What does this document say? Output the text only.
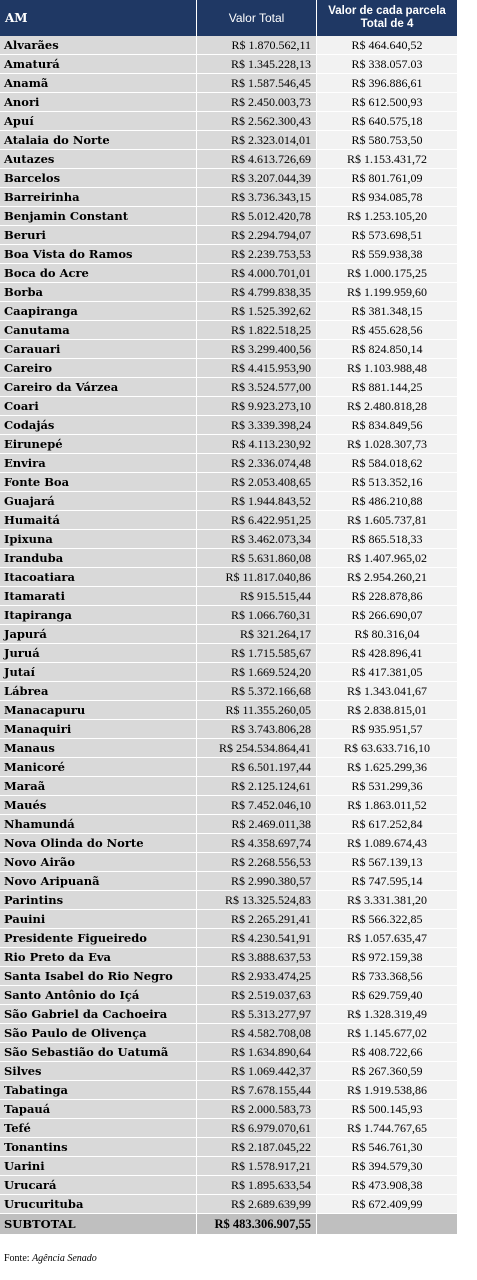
AM	Valor Total	Valor de cada parcela Total de 4
Alvarães	R$ 1.870.562,11	R$ 464.640,52
Amaturá	R$ 1.345.228,13	R$ 338.057.03
Anamã	R$ 1.587.546,45	R$ 396.886,61
Anori	R$ 2.450.003,73	R$ 612.500,93
Apuí	R$ 2.562.300,43	R$ 640.575,18
Atalaia do Norte	R$ 2.323.014,01	R$ 580.753,50
Autazes	R$ 4.613.726,69	R$ 1.153.431,72
Barcelos	R$ 3.207.044,39	R$ 801.761,09
Barreirinha	R$ 3.736.343,15	R$ 934.085,78
Benjamin Constant	R$ 5.012.420,78	R$ 1.253.105,20
Beruri	R$ 2.294.794,07	R$ 573.698,51
Boa Vista do Ramos	R$ 2.239.753,53	R$ 559.938,38
Boca do Acre	R$ 4.000.701,01	R$ 1.000.175,25
Borba	R$ 4.799.838,35	R$ 1.199.959,60
Caapiranga	R$ 1.525.392,62	R$ 381.348,15
Canutama	R$ 1.822.518,25	R$ 455.628,56
Carauari	R$ 3.299.400,56	R$ 824.850,14
Careiro	R$ 4.415.953,90	R$ 1.103.988,48
Careiro da Várzea	R$ 3.524.577,00	R$ 881.144,25
Coari	R$ 9.923.273,10	R$ 2.480.818,28
Codajás	R$ 3.339.398,24	R$ 834.849,56
Eirunepé	R$ 4.113.230,92	R$ 1.028.307,73
Envira	R$ 2.336.074,48	R$ 584.018,62
Fonte Boa	R$ 2.053.408,65	R$ 513.352,16
Guajará	R$ 1.944.843,52	R$ 486.210,88
Humaitá	R$ 6.422.951,25	R$ 1.605.737,81
Ipixuna	R$ 3.462.073,34	R$ 865.518,33
Iranduba	R$ 5.631.860,08	R$ 1.407.965,02
Itacoatiara	R$ 11.817.040,86	R$ 2.954.260,21
Itamarati	R$ 915.515,44	R$ 228.878,86
Itapiranga	R$ 1.066.760,31	R$ 266.690,07
Japurá	R$ 321.264,17	R$ 80.316,04
Juruá	R$ 1.715.585,67	R$ 428.896,41
Jutaí	R$ 1.669.524,20	R$ 417.381,05
Lábrea	R$ 5.372.166,68	R$ 1.343.041,67
Manacapuru	R$ 11.355.260,05	R$ 2.838.815,01
Manaquiri	R$ 3.743.806,28	R$ 935.951,57
Manaus	R$ 254.534.864,41	R$ 63.633.716,10
Manicoré	R$ 6.501.197,44	R$ 1.625.299,36
Maraã	R$ 2.125.124,61	R$ 531.299,36
Maués	R$ 7.452.046,10	R$ 1.863.011,52
Nhamundá	R$ 2.469.011,38	R$ 617.252,84
Nova Olinda do Norte	R$ 4.358.697,74	R$ 1.089.674,43
Novo Airão	R$ 2.268.556,53	R$ 567.139,13
Novo Aripuanã	R$ 2.990.380,57	R$ 747.595,14
Parintins	R$ 13.325.524,83	R$ 3.331.381,20
Pauini	R$ 2.265.291,41	R$ 566.322,85
Presidente Figueiredo	R$ 4.230.541,91	R$ 1.057.635,47
Rio Preto da Eva	R$ 3.888.637,53	R$ 972.159,38
Santa Isabel do Rio Negro	R$ 2.933.474,25	R$ 733.368,56
Santo Antônio do Içá	R$ 2.519.037,63	R$ 629.759,40
São Gabriel da Cachoeira	R$ 5.313.277,97	R$ 1.328.319,49
São Paulo de Olivença	R$ 4.582.708,08	R$ 1.145.677,02
São Sebastião do Uatumã	R$ 1.634.890,64	R$ 408.722,66
Silves	R$ 1.069.442,37	R$ 267.360,59
Tabatinga	R$ 7.678.155,44	R$ 1.919.538,86
Tapauá	R$ 2.000.583,73	R$ 500.145,93
Tefé	R$ 6.979.070,61	R$ 1.744.767,65
Tonantins	R$ 2.187.045,22	R$ 546.761,30
Uarini	R$ 1.578.917,21	R$ 394.579,30
Urucará	R$ 1.895.633,54	R$ 473.908,38
Urucurituba	R$ 2.689.639,99	R$ 672.409,99
SUBTOTAL	R$ 483.306.907,55
Fonte: Agência Senado
